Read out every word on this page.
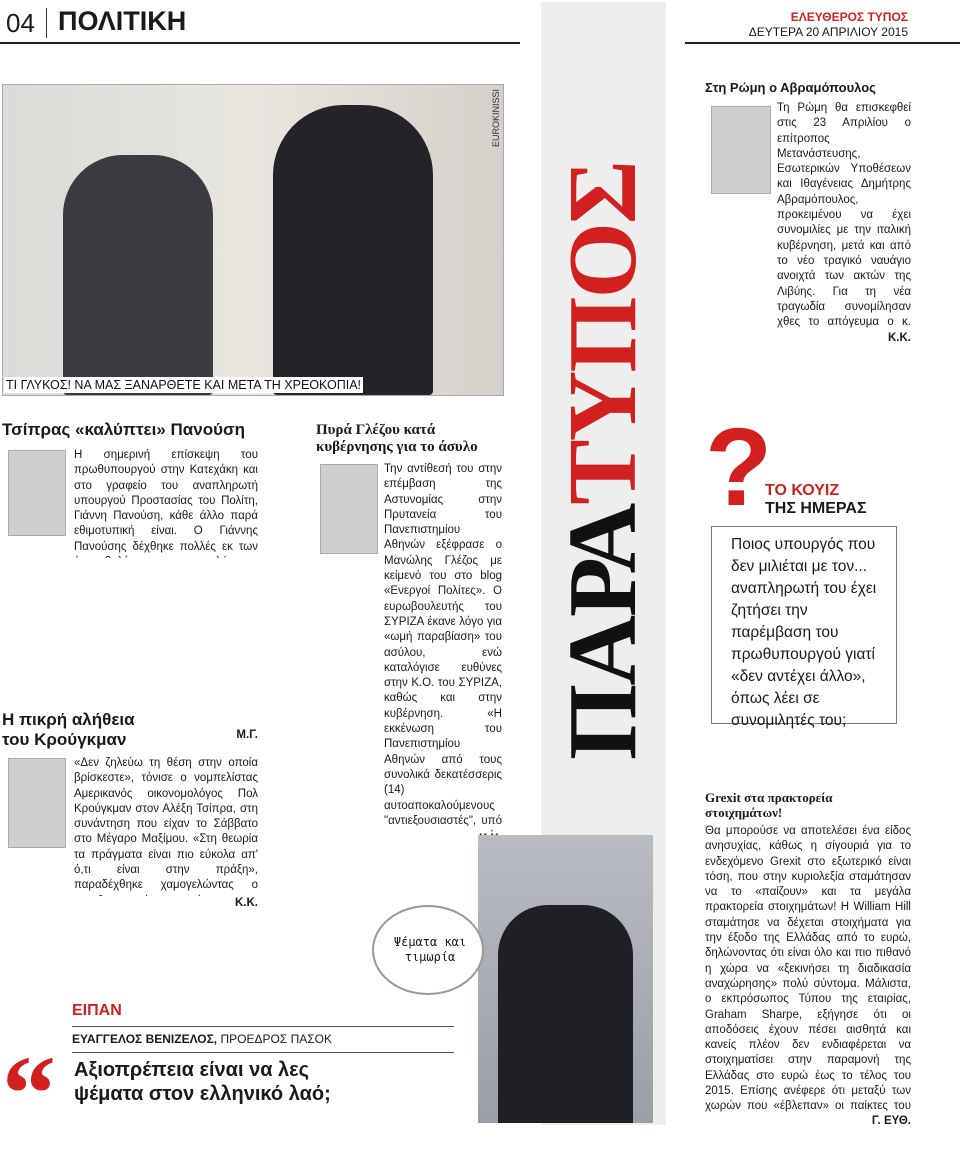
04 ΠΟΛΙΤΙΚΗ	ΕΛΕΥΘΕΡΟΣ ΤΥΠΟΣ
ΔΕΥΤΕΡΑ 20 ΑΠΡΙΛΙΟΥ 2015
EUROKINISSI
ΤΙ ΓΛΥΚΟΣ! ΝΑ ΜΑΣ ΞΑΝΑΡΘΕΤΕ ΚΑΙ ΜΕΤΑ ΤΗ ΧΡΕΟΚΟΠΙΑ!
Τσίπρας «καλύπτει» Πανούση

Η σημερινή επίσκεψη του πρωθυπουργού στην Κατεχάκη και στο γραφείο του αναπληρωτή υπουργού Προστασίας του Πολίτη, Γιάννη Πανούση, κάθε άλλο παρά εθιμοτυπική είναι. Ο Γιάννης Πανούσης δέχθηκε πολλές εκ των

Μ.Γ.

Η πικρή αλήθεια του Κρούγκμαν

«Δεν ζηλεύω τη θέση στην οποία βρίσκεστε», τόνισε ο νομπελίστας Αμερικανός οικονομολόγος Πολ Κρούγκμαν στον Αλέξη Τσίπρα, στη συνάντηση που είχαν το Σάββατο στο Μέγαρο Μαξίμου. «Στη θεωρία τα πράγματα είναι πιο εύκολα απ' ό,τι είναι στην πράξη», παραδέχθηκε χαμογελώντας ο

Κ.Κ.

Πυρά Γλέζου κατά κυβέρνησης για το άσυλο

Την αντίθεσή του στην επέμβαση της Αστυνομίας στην Πρυτανεία του Πανεπιστημίου Αθηνών εξέφρασε ο Μανώλης Γλέζος με κείμενό του στο blog «Ενεργοί Πολίτες». Ο ευρωβουλευτής του ΣΥΡΙΖΑ έκανε λόγο για «ωμή παραβίαση» του ασύλου, ενώ καταλόγισε ευθύνες στην Κ.Ο. του ΣΥΡΙΖΑ, καθώς και στην κυβέρνηση. «Η εκκένωση του Πανεπιστημίου Αθηνών από τους συνολικά δεκατέσσερις (14) αυτοαποκαλούμενους "αντιεξουσιαστές", υπό

ΠΑΡΑΤΥΠΟΣ
Στη Ρώμη ο Αβραμόπουλος

Τη Ρώμη θα επισκεφθεί στις 23 Απριλίου ο επίτροπος Μετανάστευσης, Εσωτερικών Υποθέσεων και Ιθαγένειας Δημήτρης Αβραμόπουλος, προκειμένου να έχει συνομιλίες με την ιταλική κυβέρνηση, μετά και από το νέο τραγικό ναυάγιο ανοιχτά των ακτών της Λιβύης. Για τη νέα τραγωδία συνομίλησαν χθες το απόγευμα ο κ.

Κ.Κ.

?
ΤΟ ΚΟΥΙΖ
ΤΗΣ ΗΜΕΡΑΣ

Ποιος υπουργός που δεν μιλιέται με τον... αναπληρωτή του έχει ζητήσει την παρέμβαση του πρωθυπουργού γιατί «δεν αντέχει άλλο», όπως λέει σε συνομιλητές του;

Grexit στα πρακτορεία στοιχημάτων!

Θα μπορούσε να αποτελέσει ένα είδος ανησυχίας, κάθως η σίγουριά για το ενδεχόμενο Grexit στο εξωτερικό είναι τόση, που στην κυριολεξία σταμάτησαν να το «παίζουν» και τα μεγάλα πρακτορεία στοιχημάτων! Η William Hill σταμάτησε να δέχεται στοιχήματα για την έξοδο της Ελλάδας από το ευρώ, δηλώνοντας ότι είναι όλο και πιο πιθανό η χώρα να «ξεκινήσει τη διαδικασία αναχώρησης» πολύ σύντομα. Μάλιστα, ο εκπρόσωπος Τύπου της εταιρίας, Graham Sharpe, εξήγησε ότι οι αποδόσεις έχουν πέσει αισθητά και κανείς πλέον δεν ενδιαφέρεται να στοιχηματίσει στην παραμονή της Ελλάδας στο ευρώ έως το τέλος του 2015. Επίσης ανέφερε ότι μεταξύ των χωρών που «έβλεπαν» οι παίκτες του

Γ. ΕΥΘ.

Ψέματα και τιμωρία

ΕΙΠΑΝ
ΕΥΑΓΓΕΛΟΣ ΒΕΝΙΖΕΛΟΣ, ΠΡΟΕΔΡΟΣ ΠΑΣΟΚ
“ Αξιοπρέπεια είναι να λες ψέματα στον ελληνικό λαό;
